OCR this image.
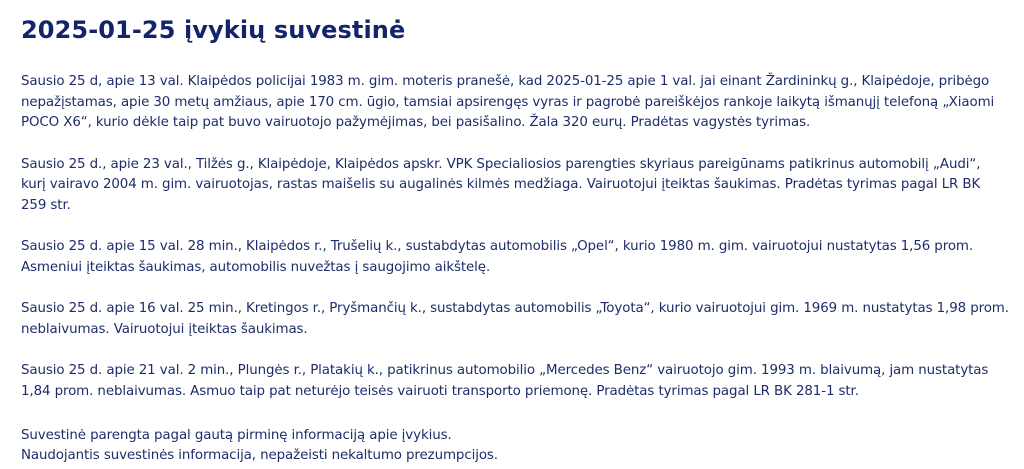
2025-01-25 įvykių suvestinė

Sausio 25 d, apie 13 val. Klaipėdos policijai 1983 m. gim. moteris pranešė, kad 2025-01-25 apie 1 val. jai einant Žardininkų g., Klaipėdoje, pribėgo nepažįstamas, apie 30 metų amžiaus, apie 170 cm. ūgio, tamsiai apsirengęs vyras ir pagrobė pareiškėjos rankoje laikytą išmanųjį telefoną „Xiaomi POCO X6“, kurio dėkle taip pat buvo vairuotojo pažymėjimas, bei pasišalino. Žala 320 eurų. Pradėtas vagystės tyrimas.

Sausio 25 d., apie 23 val., Tilžės g., Klaipėdoje, Klaipėdos apskr. VPK Specialiosios parengties skyriaus pareigūnams patikrinus automobilį „Audi“, kurį vairavo 2004 m. gim. vairuotojas, rastas maišelis su augalinės kilmės medžiaga. Vairuotojui įteiktas šaukimas. Pradėtas tyrimas pagal LR BK 259 str.

Sausio 25 d. apie 15 val. 28 min., Klaipėdos r., Trušelių k., sustabdytas automobilis „Opel“, kurio 1980 m. gim. vairuotojui nustatytas 1,56 prom. Asmeniui įteiktas šaukimas, automobilis nuvežtas į saugojimo aikštelę.

Sausio 25 d. apie 16 val. 25 min., Kretingos r., Pryšmančių k., sustabdytas automobilis „Toyota“, kurio vairuotojui gim. 1969 m. nustatytas 1,98 prom. neblaivumas. Vairuotojui įteiktas šaukimas.

Sausio 25 d. apie 21 val. 2 min., Plungės r., Platakių k., patikrinus automobilio „Mercedes Benz“ vairuotojo gim. 1993 m. blaivumą, jam nustatytas 1,84 prom. neblaivumas. Asmuo taip pat neturėjo teisės vairuoti transporto priemonę. Pradėtas tyrimas pagal LR BK 281-1 str.

Suvestinė parengta pagal gautą pirminę informaciją apie įvykius.

Naudojantis suvestinės informacija, nepažeisti nekaltumo prezumpcijos.
